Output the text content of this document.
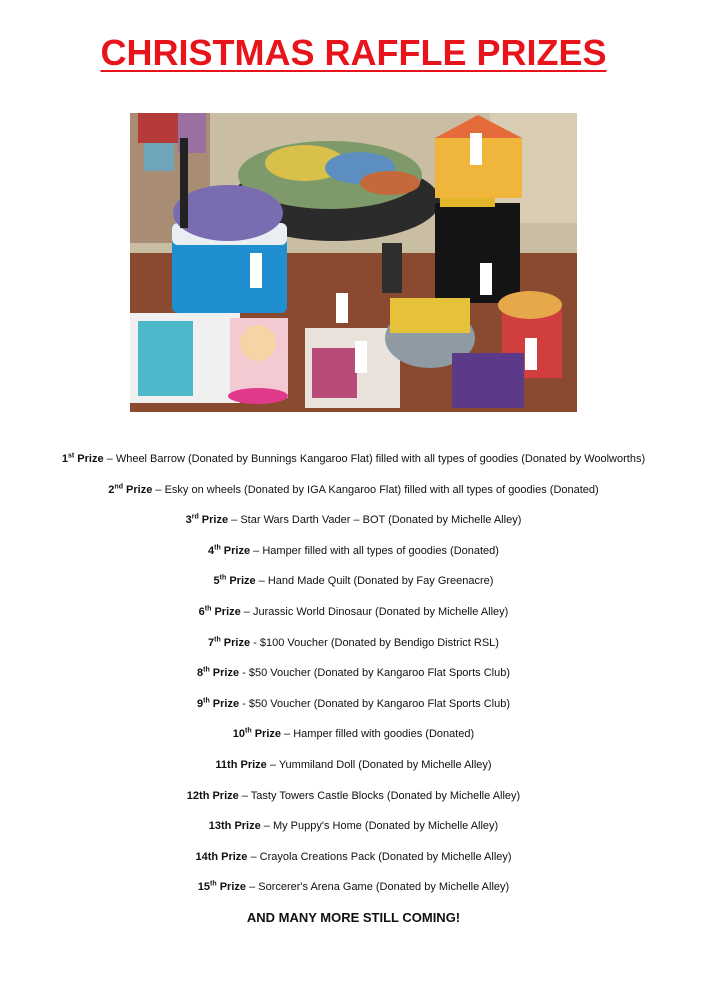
CHRISTMAS RAFFLE PRIZES
1st Prize – Wheel Barrow (Donated by Bunnings Kangaroo Flat) filled with all types of goodies (Donated by Woolworths)
2nd Prize – Esky on wheels (Donated by IGA Kangaroo Flat) filled with all types of goodies (Donated)
3rd Prize – Star Wars Darth Vader – BOT (Donated by Michelle Alley)
4th Prize – Hamper filled with all types of goodies (Donated)
5th Prize – Hand Made Quilt (Donated by Fay Greenacre)
6th Prize – Jurassic World Dinosaur (Donated by Michelle Alley)
7th Prize - $100 Voucher (Donated by Bendigo District RSL)
8th Prize - $50 Voucher (Donated by Kangaroo Flat Sports Club)
9th Prize - $50 Voucher (Donated by Kangaroo Flat Sports Club)
10th Prize – Hamper filled with goodies (Donated)
11th Prize – Yummiland Doll (Donated by Michelle Alley)
12th Prize – Tasty Towers Castle Blocks (Donated by Michelle Alley)
13th Prize – My Puppy's Home (Donated by Michelle Alley)
14th Prize – Crayola Creations Pack (Donated by Michelle Alley)
15th Prize – Sorcerer's Arena Game (Donated by Michelle Alley)
AND MANY MORE STILL COMING!
